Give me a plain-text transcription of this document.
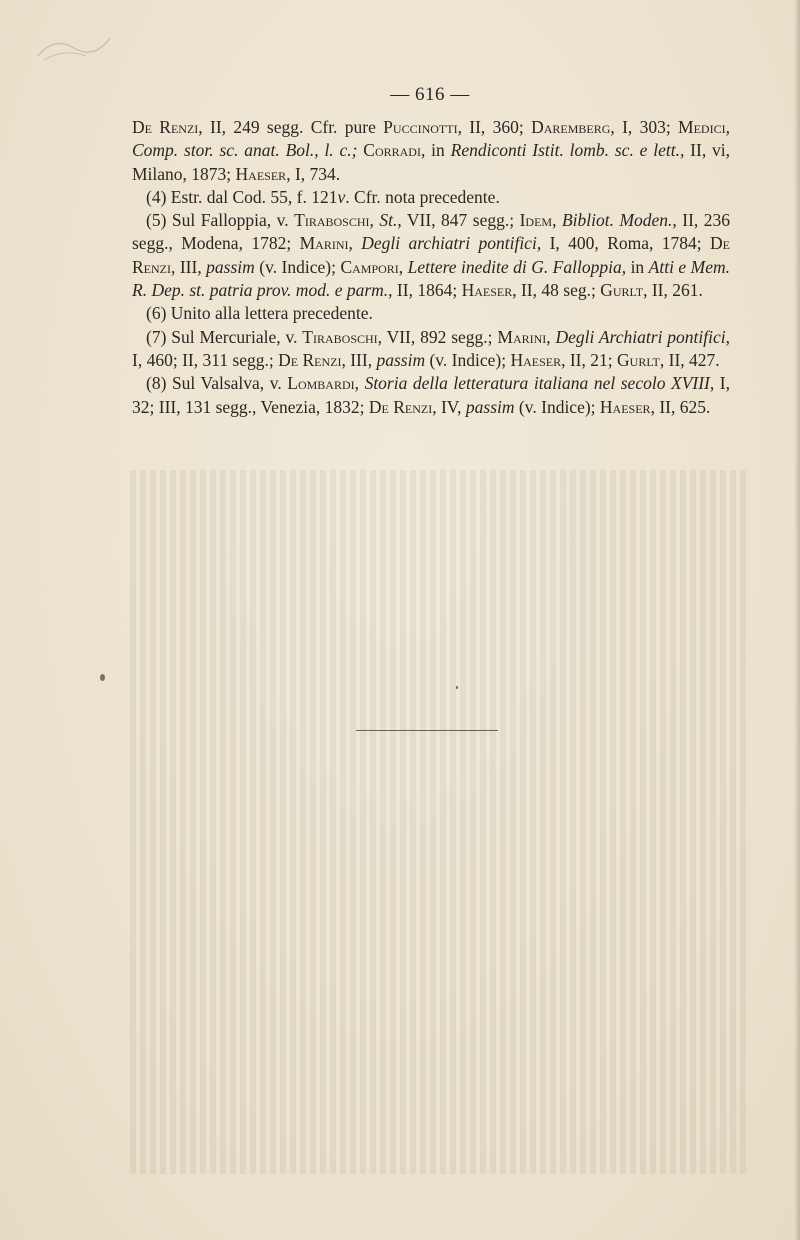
— 616 —

De Renzi, II, 249 segg. Cfr. pure Puccinotti, II, 360; Daremberg, I, 303; Medici, Comp. stor. sc. anat. Bol., l. c.; Corradi, in Rendiconti Istit. lomb. sc. e lett., II, vi, Milano, 1873; Haeser, I, 734.

(4) Estr. dal Cod. 55, f. 121v. Cfr. nota precedente.

(5) Sul Falloppia, v. Tiraboschi, St., VII, 847 segg.; Idem, Bibliot. Moden., II, 236 segg., Modena, 1782; Marini, Degli archiatri pontifici, I, 400, Roma, 1784; De Renzi, III, passim (v. Indice); Campori, Lettere inedite di G. Falloppia, in Atti e Mem. R. Dep. st. patria prov. mod. e parm., II, 1864; Haeser, II, 48 seg.; Gurlt, II, 261.

(6) Unito alla lettera precedente.

(7) Sul Mercuriale, v. Tiraboschi, VII, 892 segg.; Marini, Degli Archiatri pontifici, I, 460; II, 311 segg.; De Renzi, III, passim (v. Indice); Haeser, II, 21; Gurlt, II, 427.

(8) Sul Valsalva, v. Lombardi, Storia della letteratura italiana nel secolo XVIII, I, 32; III, 131 segg., Venezia, 1832; De Renzi, IV, passim (v. Indice); Haeser, II, 625.
